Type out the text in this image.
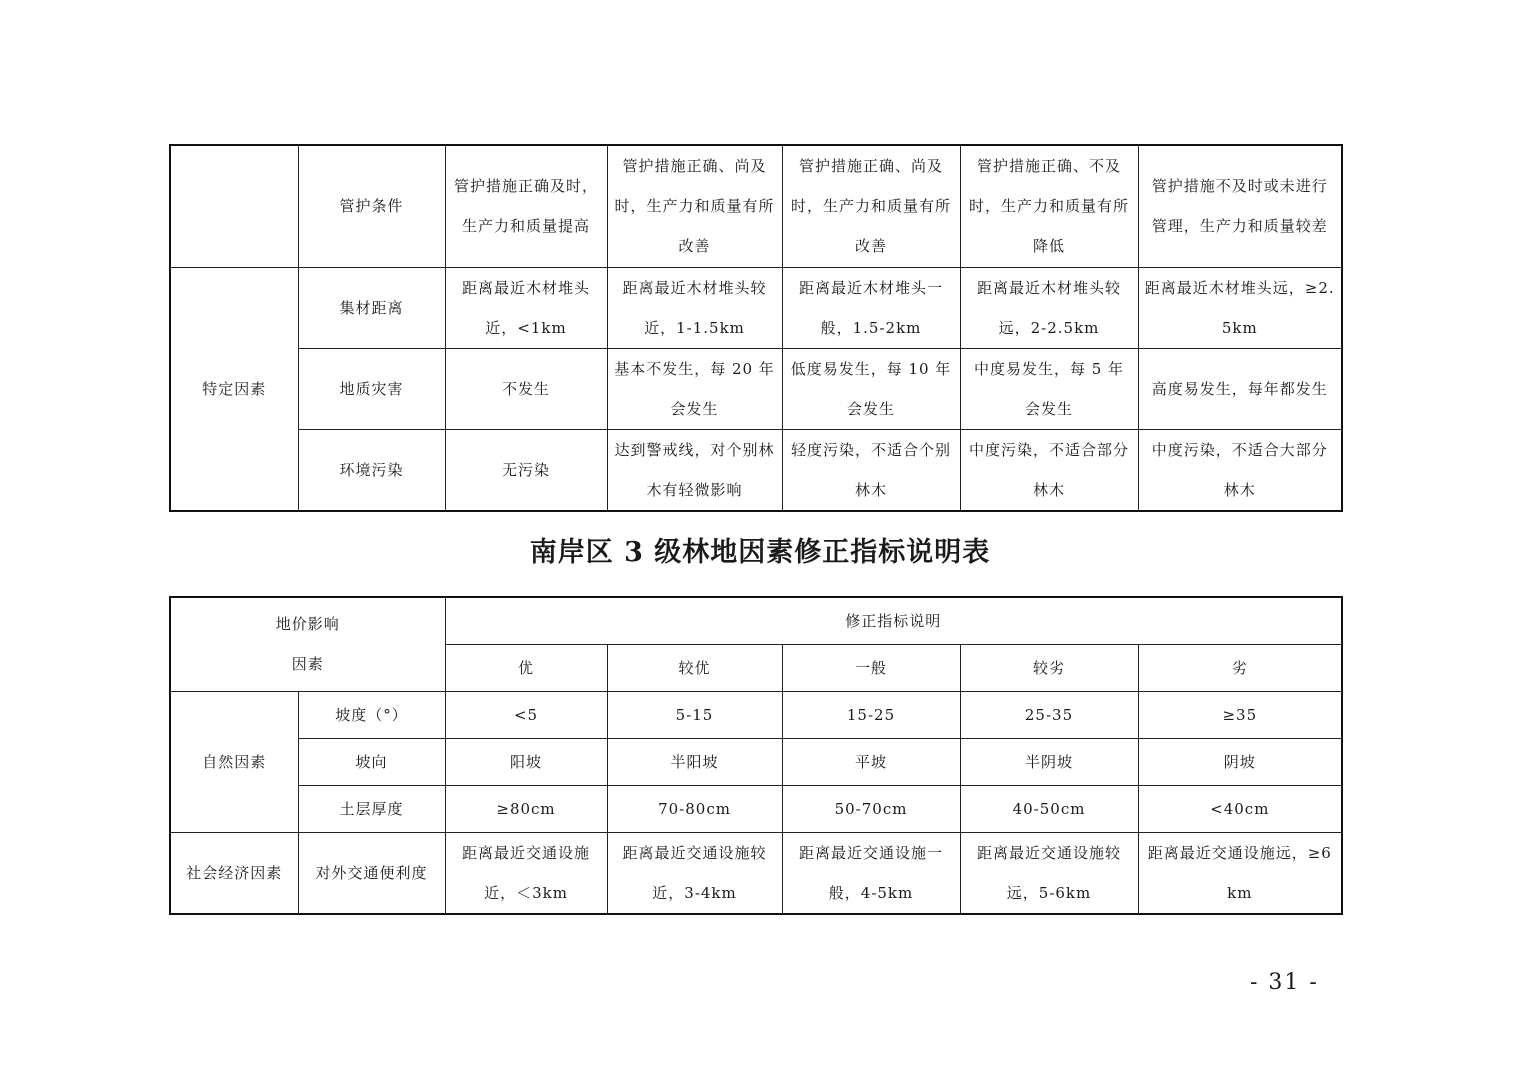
	管护条件	管护措施正确及时，生产力和质量提高	管护措施正确、尚及时，生产力和质量有所改善	管护措施正确、尚及时，生产力和质量有所改善	管护措施正确、不及时，生产力和质量有所降低	管护措施不及时或未进行管理，生产力和质量较差
特定因素	集材距离	距离最近木材堆头近，<1km	距离最近木材堆头较近，1-1.5km	距离最近木材堆头一般，1.5-2km	距离最近木材堆头较远，2-2.5km	距离最近木材堆头远，≥2.5km
	地质灾害	不发生	基本不发生，每 20 年会发生	低度易发生，每 10 年会发生	中度易发生，每 5 年会发生	高度易发生，每年都发生
	环境污染	无污染	达到警戒线，对个别林木有轻微影响	轻度污染，不适合个别林木	中度污染，不适合部分林木	中度污染，不适合大部分林木
南岸区 3 级林地因素修正指标说明表
地价影响
因素		修正指标说明				
		优	较优	一般	较劣	劣
自然因素	坡度（°）	<5	5-15	15-25	25-35	≥35
	坡向	阳坡	半阳坡	平坡	半阴坡	阴坡
	土层厚度	≥80cm	70-80cm	50-70cm	40-50cm	<40cm
社会经济因素	对外交通便利度	距离最近交通设施近，＜3km	距离最近交通设施较近，3-4km	距离最近交通设施一般，4-5km	距离最近交通设施较远，5-6km	距离最近交通设施远，≥6km
- 31 -
